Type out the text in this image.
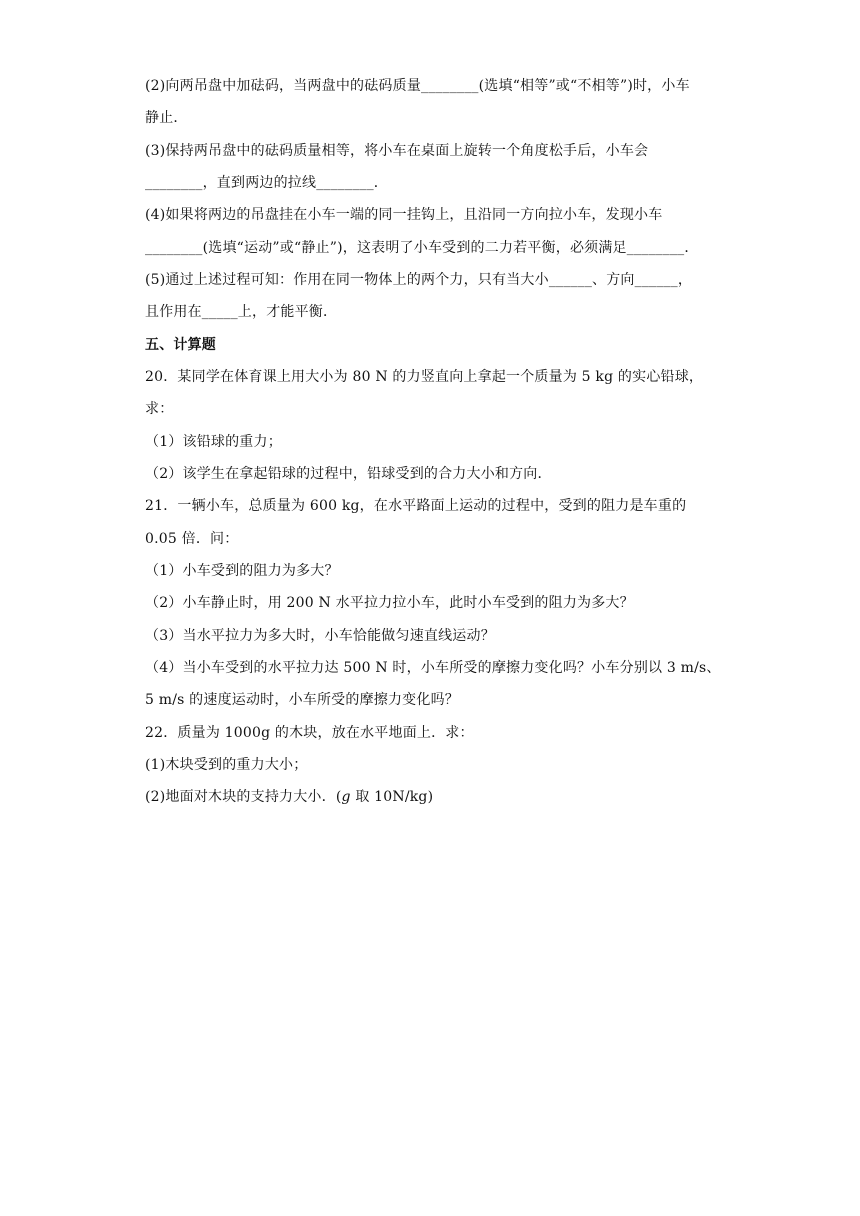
(2)向两吊盘中加砝码，当两盘中的砝码质量________(选填“相等”或“不相等”)时，小车
静止．
(3)保持两吊盘中的砝码质量相等，将小车在桌面上旋转一个角度松手后，小车会
________，直到两边的拉线________．
(4)如果将两边的吊盘挂在小车一端的同一挂钩上，且沿同一方向拉小车，发现小车
________(选填“运动”或“静止”)，这表明了小车受到的二力若平衡，必须满足________．
(5)通过上述过程可知：作用在同一物体上的两个力，只有当大小______、方向______，
且作用在_____上，才能平衡．
五、计算题
20．某同学在体育课上用大小为 80 N 的力竖直向上拿起一个质量为 5 kg 的实心铅球，
求：
（1）该铅球的重力；
（2）该学生在拿起铅球的过程中，铅球受到的合力大小和方向．
21．一辆小车，总质量为 600 kg，在水平路面上运动的过程中，受到的阻力是车重的
0.05 倍．问：
（1）小车受到的阻力为多大？
（2）小车静止时，用 200 N 水平拉力拉小车，此时小车受到的阻力为多大？
（3）当水平拉力为多大时，小车恰能做匀速直线运动？
（4）当小车受到的水平拉力达 500 N 时，小车所受的摩擦力变化吗？小车分别以 3 m/s、
5 m/s 的速度运动时，小车所受的摩擦力变化吗？
22．质量为 1000g 的木块，放在水平地面上．求：
(1)木块受到的重力大小；
(2)地面对木块的支持力大小．(g 取 10N/kg)
